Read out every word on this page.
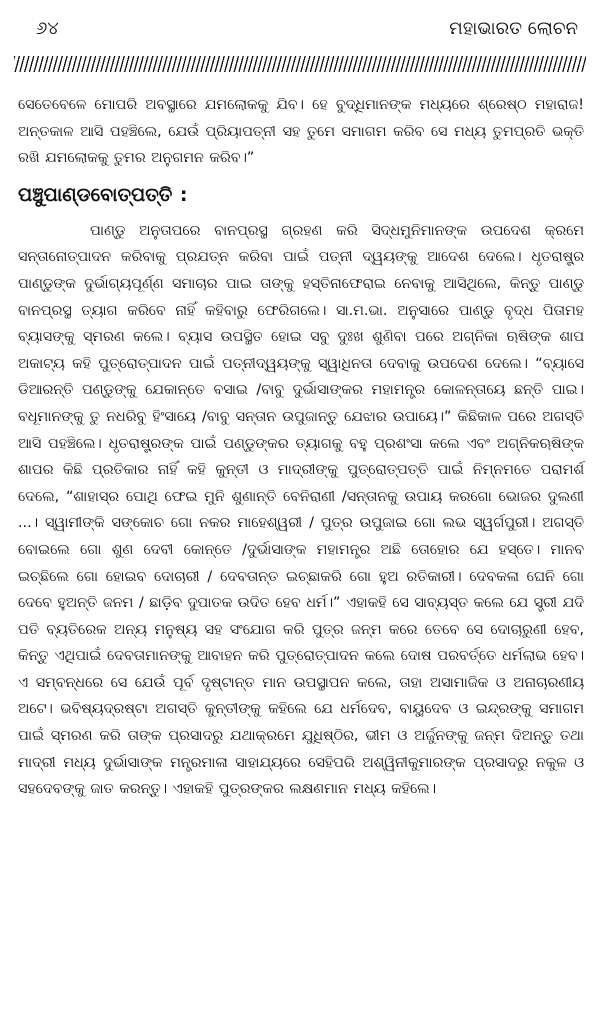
୬୪	ମହାଭାରତ ଲୋଚନ

ସେତେବେଳେ ମୋପରି ଅବସ୍ଥାରେ ଯମଲୋକକୁ ଯିବ। ହେ ବୁଦ୍ଧିମାନଙ୍କ ମଧ୍ୟରେ ଶ୍ରେଷ୍ଠ ମହାରାଜ! ଅନ୍ତକାଳ ଆସି ପହଞ୍ଚିଲେ, ଯେଉଁ ପ୍ରିୟାପତ୍ନୀ ସହ ତୁମେ ସମାଗମ କରିବ ସେ ମଧ୍ୟ ତୁମପ୍ରତି ଭକ୍ତି ରଖି ଯମଲୋକକୁ ତୁମର ଅନୁଗମନ କରିବ।”

ପଞ୍ଚୁପାଣ୍ଡବୋତ୍ପତ୍ତି :

ପାଣ୍ଡୁ ଅନୁତାପରେ ବାନପ୍ରସ୍ଥ ଗ୍ରହଣ କରି ସିଦ୍ଧମୁନିମାନଙ୍କ ଉପଦେଶ କ୍ରମେ ସନ୍ତାନୋତ୍ପାଦନ କରିବାକୁ ପ୍ରଯତ୍ନ କରିବା ପାଇଁ ପତ୍ନୀ ଦ୍ୱୟଙ୍କୁ ଆଦେଶ ଦେଲେ। ଧୃତରାଷ୍ଟ୍ର ପାଣ୍ଡୁଙ୍କ ଦୁର୍ଭାଗ୍ୟପୂର୍ଣ୍ଣ ସମାଚାର ପାଇ ତାଙ୍କୁ ହସ୍ତିନାଫେରାଇ ନେବାକୁ ଆସିଥିଲେ, କିନ୍ତୁ ପାଣ୍ଡୁ ବାନପ୍ରସ୍ଥ ତ୍ୟାଗ କରିବେ ନାହିଁ କହିବାରୁ ଫେରିଗଲେ। ସା.ମ.ଭା. ଅନୁସାରେ ପାଣ୍ଡୁ ବୃଦ୍ଧ ପିତାମହ ବ୍ୟାସଙ୍କୁ ସ୍ମରଣ କଲେ। ବ୍ୟାସ ଉପସ୍ଥିତ ହୋଇ ସବୁ ଦୁଃଖ ଶୁଣିବା ପରେ ଅଗ୍ନିକା ଋଷିଙ୍କ ଶାପ ଅକାଟ୍ୟ କହି ପୁତ୍ରୋତ୍ପାଦନ ପାଇଁ ପତ୍ନୀଦ୍ୱୟଙ୍କୁ ସ୍ୱାଧିନତା ଦେବାକୁ ଉପଦେଶ ଦେଲେ। “ବ୍ୟାସେ ଡିଆରନ୍ତି ପଣ୍ଡୁଙ୍କୁ ଯେକାନ୍ତେ ବସାଇ /ବାବୁ ଦୁର୍ଭାସାଙ୍କର ମହାମନ୍ତ୍ର କୋଳନ୍ତାୟେ ଛନ୍ତି ପାଇ। ବଧୂମାନଙ୍କୁ ତୁ ନଧରିବୁ ହିଂସାୟେ /ବାବୁ ସନ୍ତାନ ଉପୁଜାନ୍ତୁ ଯେଝାର ଉପାୟେ।” କିଛିକାଳ ପରେ ଅଗସ୍ତି ଆସି ପହଞ୍ଚିଲେ। ଧୃତରାଷ୍ଟ୍ରଙ୍କ ପାଇଁ ପଣ୍ଡୁଙ୍କର ତ୍ୟାଗକୁ ବହୁ ପ୍ରଶଂସା କଲେ ଏବଂ ଅଗ୍ନିକଋଷିଙ୍କ ଶାପର କିଛି ପ୍ରତିକାର ନାହିଁ କହି କୁନ୍ତୀ ଓ ମାଦ୍ରୀଙ୍କୁ ପୁତ୍ରୋତ୍ପତ୍ତି ପାଇଁ ନିମ୍ନମତେ ପରାମର୍ଶ ଦେଲେ, “ଶାହାସ୍ର ପୋଥି ଫେଇ ମୁନି ଶୁଣାନ୍ତି ବେନିରାଣୀ /ସନ୍ତାନକୁ ଉପାୟ କରଗୋ ଭୋଜର ଦୁଲଣୀ ...। ସ୍ୱାମୀଙ୍କି ସଙ୍କୋଚ ଗୋ ନକର ମାହେଶ୍ୱରୀ / ପୁତ୍ର ଉପୁଜାଇ ଗୋ ଲଭ ସ୍ୱର୍ଗପୁରୀ। ଅଗସ୍ତି ବୋଇଲେ ଗୋ ଶୁଣ ଦେବୀ କୋନ୍ତେ /ଦୁର୍ଭାସାଙ୍କ ମହାମନ୍ତ୍ର ଅଛି ତୋହୋର ଯେ ହସ୍ତେ। ମାନବ ଇଚ୍ଛିଲେ ଗୋ ହୋଇବ ଦୋଚାରୀ / ଦେବତାନ୍ତ ଇଚ୍ଛାକରି ଗୋ ହୁଅ ରତିକାରୀ। ଦେବକଳା ଘେନି ଗୋ ଦେବେ ହୁଅନ୍ତି ଜନମ / ଛାଡ଼ିବ ଦୁପାତକ ଉଦିତ ହେବ ଧର୍ମ।” ଏହାକହି ସେ ସାବ୍ୟସ୍ତ କଲେ ଯେ ସ୍ତ୍ରୀ ଯଦି ପତି ବ୍ୟତିରେକ ଅନ୍ୟ ମନୁଷ୍ୟ ସହ ସଂଯୋଗ କରି ପୁତ୍ର ଜନ୍ମ କରେ ତେବେ ସେ ଦୋଚାରୁଣୀ ହେବ, କିନ୍ତୁ ଏଥିପାଇଁ ଦେବତାମାନଙ୍କୁ ଆବାହନ କରି ପୁତ୍ରୋତ୍ପାଦନ କଲେ ଦୋଷ ପରବର୍ତ୍ତେ ଧର୍ମଲାଭ ହେବ। ଏ ସମ୍ବନ୍ଧରେ ସେ ଯେଉଁ ପୂର୍ବ ଦୃଷ୍ଟାନ୍ତ ମାନ ଉପସ୍ଥାପନ କଲେ, ତାହା ଅସାମାଜିକ ଓ ଅନାଚାରଣୀୟ ଅଟେ। ଭବିଷ୍ୟଦ୍ରଷ୍ଟା ଅଗସ୍ତି କୁନ୍ତୀଙ୍କୁ କହିଲେ ଯେ ଧର୍ମଦେବ, ବାୟୁଦେବ ଓ ଇନ୍ଦ୍ରଙ୍କୁ ସମାଗମ ପାଇଁ ସ୍ମରଣ କରି ତାଙ୍କ ପ୍ରସାଦରୁ ଯଥାକ୍ରମେ ଯୁଧିଷ୍ଠିର, ଭୀମ ଓ ଅର୍ଜୁନଙ୍କୁ ଜନ୍ମ ଦିଅନ୍ତୁ ତଥା ମାଦ୍ରୀ ମଧ୍ୟ ଦୁର୍ଭାସାଙ୍କ ମନ୍ତ୍ରମାଳା ସାହାଯ୍ୟରେ ସେହିପରି ଅଶ୍ୱିନୀକୁମାରଙ୍କ ପ୍ରସାଦରୁ ନକୁଳ ଓ ସହଦେବଙ୍କୁ ଜାତ କରନ୍ତୁ। ଏହାକହି ପୁତ୍ରଙ୍କର ଲକ୍ଷଣମାନ ମଧ୍ୟ କହିଲେ।
